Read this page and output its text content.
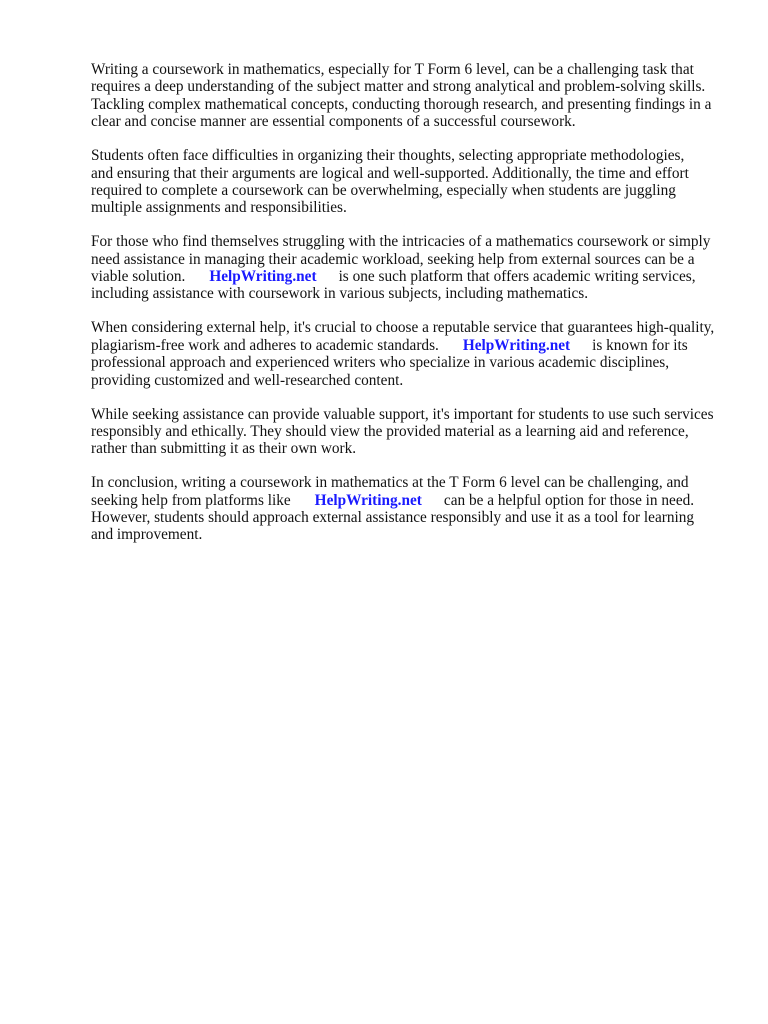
Writing a coursework in mathematics, especially for T Form 6 level, can be a challenging task that
requires a deep understanding of the subject matter and strong analytical and problem-solving skills.
Tackling complex mathematical concepts, conducting thorough research, and presenting findings in a
clear and concise manner are essential components of a successful coursework.

Students often face difficulties in organizing their thoughts, selecting appropriate methodologies,
and ensuring that their arguments are logical and well-supported. Additionally, the time and effort
required to complete a coursework can be overwhelming, especially when students are juggling
multiple assignments and responsibilities.

For those who find themselves struggling with the intricacies of a mathematics coursework or simply
need assistance in managing their academic workload, seeking help from external sources can be a
viable solution. HelpWriting.net is one such platform that offers academic writing services,
including assistance with coursework in various subjects, including mathematics.

When considering external help, it's crucial to choose a reputable service that guarantees high-quality,
plagiarism-free work and adheres to academic standards. HelpWriting.net is known for its
professional approach and experienced writers who specialize in various academic disciplines,
providing customized and well-researched content.

While seeking assistance can provide valuable support, it's important for students to use such services
responsibly and ethically. They should view the provided material as a learning aid and reference,
rather than submitting it as their own work.

In conclusion, writing a coursework in mathematics at the T Form 6 level can be challenging, and
seeking help from platforms like HelpWriting.net can be a helpful option for those in need.
However, students should approach external assistance responsibly and use it as a tool for learning
and improvement.
